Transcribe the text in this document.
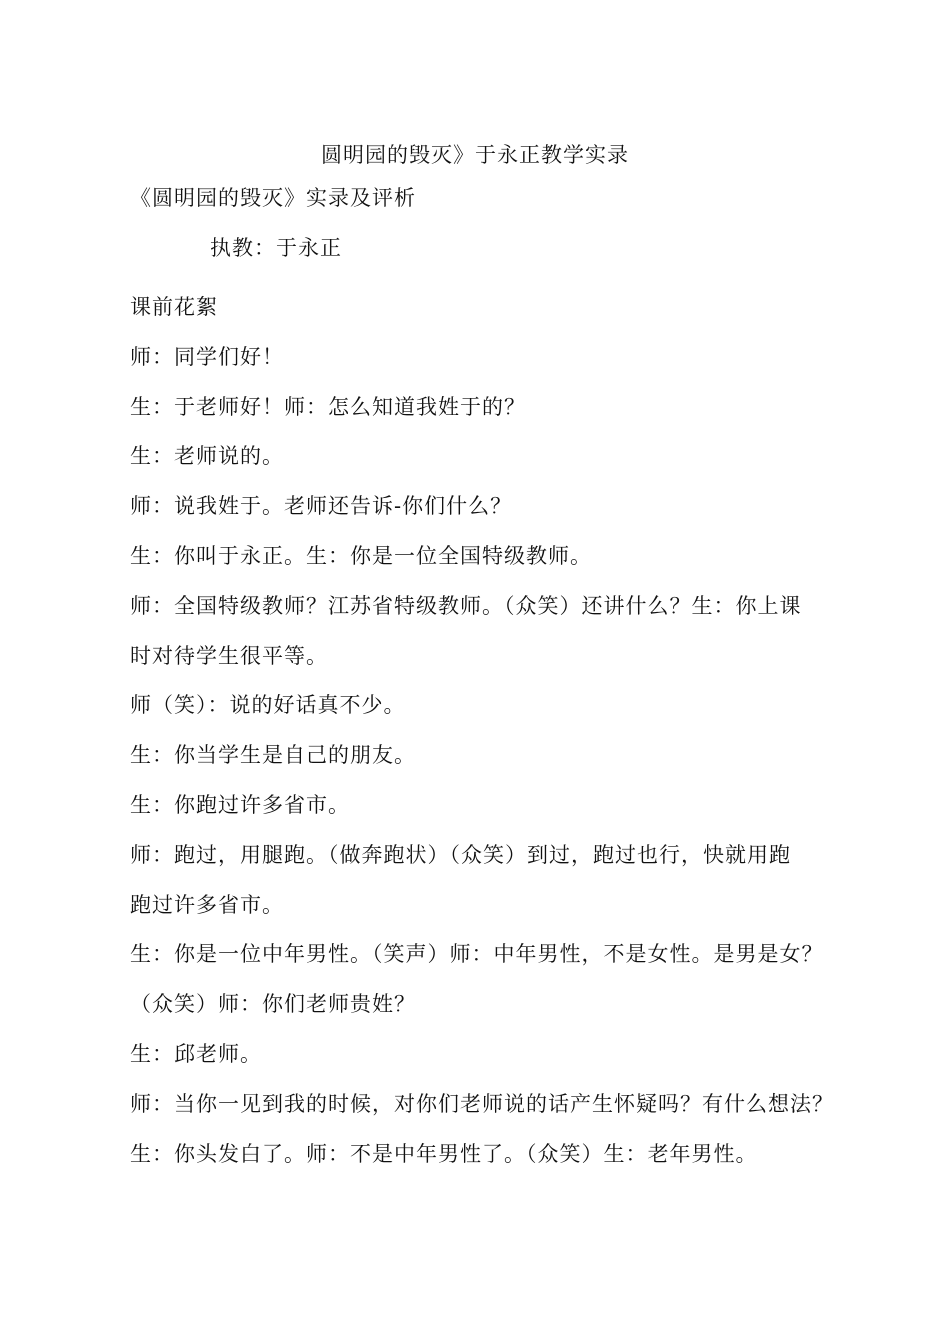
圆明园的毁灭》于永正教学实录
《圆明园的毁灭》实录及评析
执教：于永正

课前花絮

师：同学们好！

生：于老师好！师：怎么知道我姓于的？

生：老师说的。

师：说我姓于。老师还告诉-你们什么？

生：你叫于永正。生：你是一位全国特级教师。

师：全国特级教师？江苏省特级教师。（众笑）还讲什么？生：你上课

时对待学生很平等。

师（笑）：说的好话真不少。

生：你当学生是自己的朋友。

生：你跑过许多省市。

师：跑过，用腿跑。（做奔跑状）（众笑）到过，跑过也行，快就用跑

跑过许多省市。

生：你是一位中年男性。（笑声）师：中年男性，不是女性。是男是女？

（众笑）师：你们老师贵姓？

生：邱老师。

师：当你一见到我的时候，对你们老师说的话产生怀疑吗？有什么想法？

生：你头发白了。师：不是中年男性了。（众笑）生：老年男性。
